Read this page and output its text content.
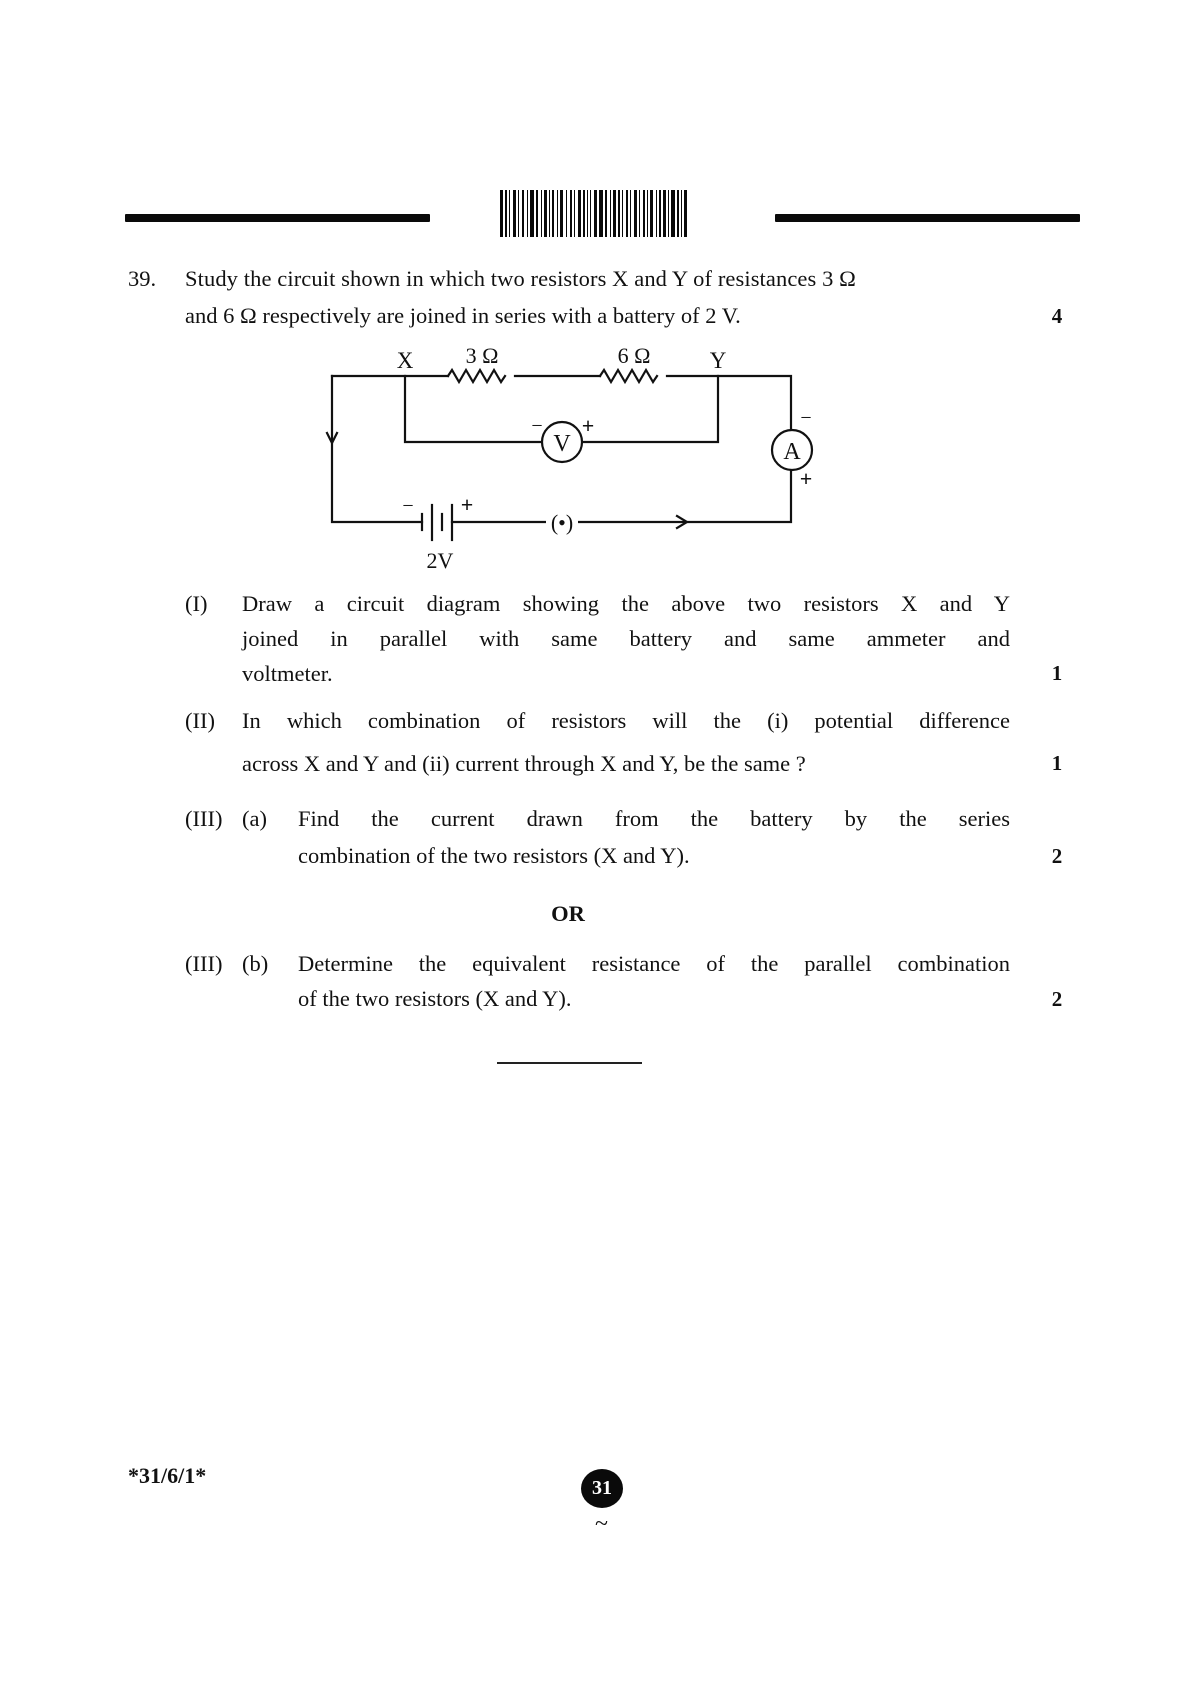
39. Study the circuit shown in which two resistors X and Y of resistances 3 Ω
and 6 Ω respectively are joined in series with a battery of 2 V.	4
V
− +
A
−
+
X	Y
3 Ω	6 Ω
− +
2V
(•)
(I) Draw a circuit diagram showing the above two resistors X and Y
joined in parallel with same battery and same ammeter and
voltmeter.	1
(II) In which combination of resistors will the (i) potential difference
across X and Y and (ii) current through X and Y, be the same ?	1
(III) (a) Find the current drawn from the battery by the series
combination of the two resistors (X and Y).	2
OR
(III) (b) Determine the equivalent resistance of the parallel combination
of the two resistors (X and Y).	2
*31/6/1*	31
~
